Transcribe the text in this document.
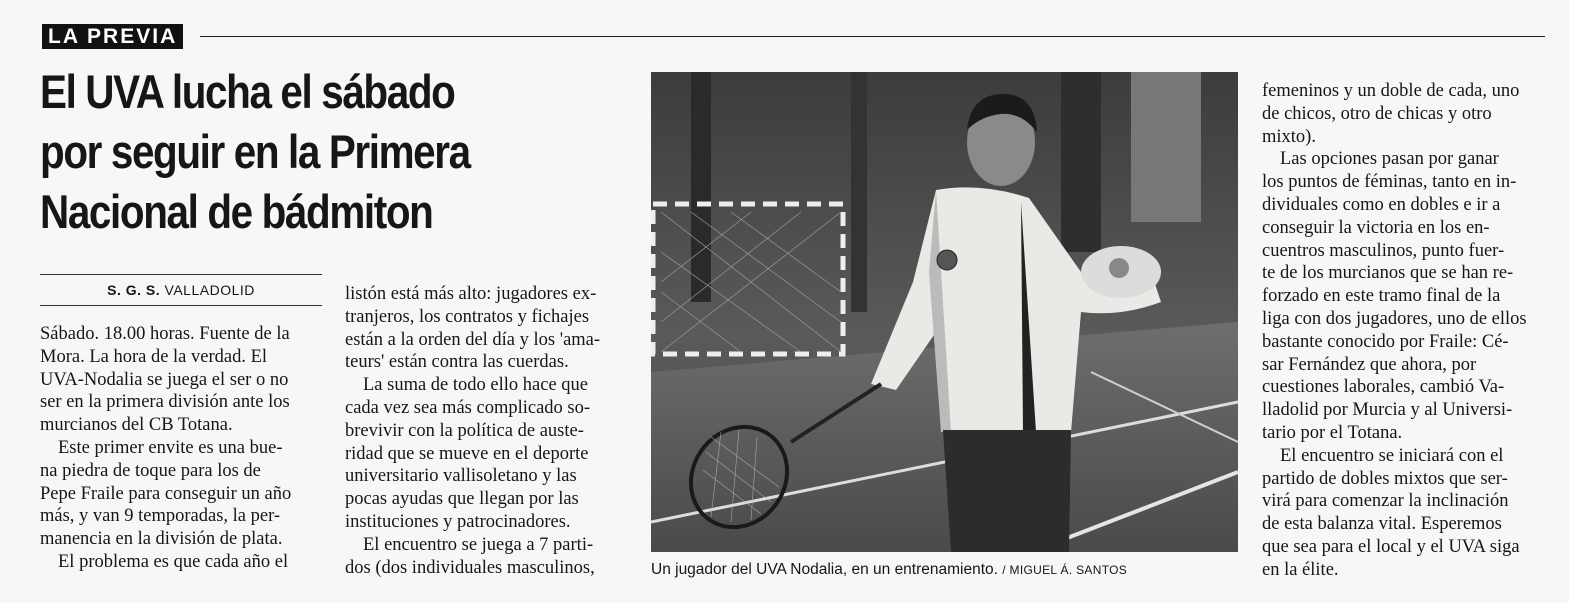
LA PREVIA
El UVA lucha el sábado
por seguir en la Primera
Nacional de bádmiton
S. G. S. VALLADOLID
Sábado. 18.00 horas. Fuente de la
Mora. La hora de la verdad. El
UVA-Nodalia se juega el ser o no
ser en la primera división ante los
murcianos del CB Totana.
Este primer envite es una bue-
na piedra de toque para los de
Pepe Fraile para conseguir un año
más, y van 9 temporadas, la per-
manencia en la división de plata.
El problema es que cada año el
listón está más alto: jugadores ex-
tranjeros, los contratos y fichajes
están a la orden del día y los 'ama-
teurs' están contra las cuerdas.
La suma de todo ello hace que
cada vez sea más complicado so-
brevivir con la política de auste-
ridad que se mueve en el deporte
universitario vallisoletano y las
pocas ayudas que llegan por las
instituciones y patrocinadores.
El encuentro se juega a 7 parti-
dos (dos individuales masculinos,
femeninos y un doble de cada, uno
de chicos, otro de chicas y otro
mixto).
Las opciones pasan por ganar
los puntos de féminas, tanto en in-
dividuales como en dobles e ir a
conseguir la victoria en los en-
cuentros masculinos, punto fuer-
te de los murcianos que se han re-
forzado en este tramo final de la
liga con dos jugadores, uno de ellos
bastante conocido por Fraile: Cé-
sar Fernández que ahora, por
cuestiones laborales, cambió Va-
lladolid por Murcia y al Universi-
tario por el Totana.
El encuentro se iniciará con el
partido de dobles mixtos que ser-
virá para comenzar la inclinación
de esta balanza vital. Esperemos
que sea para el local y el UVA siga
en la élite.
Un jugador del UVA Nodalia, en un entrenamiento. / MIGUEL Á. SANTOS
